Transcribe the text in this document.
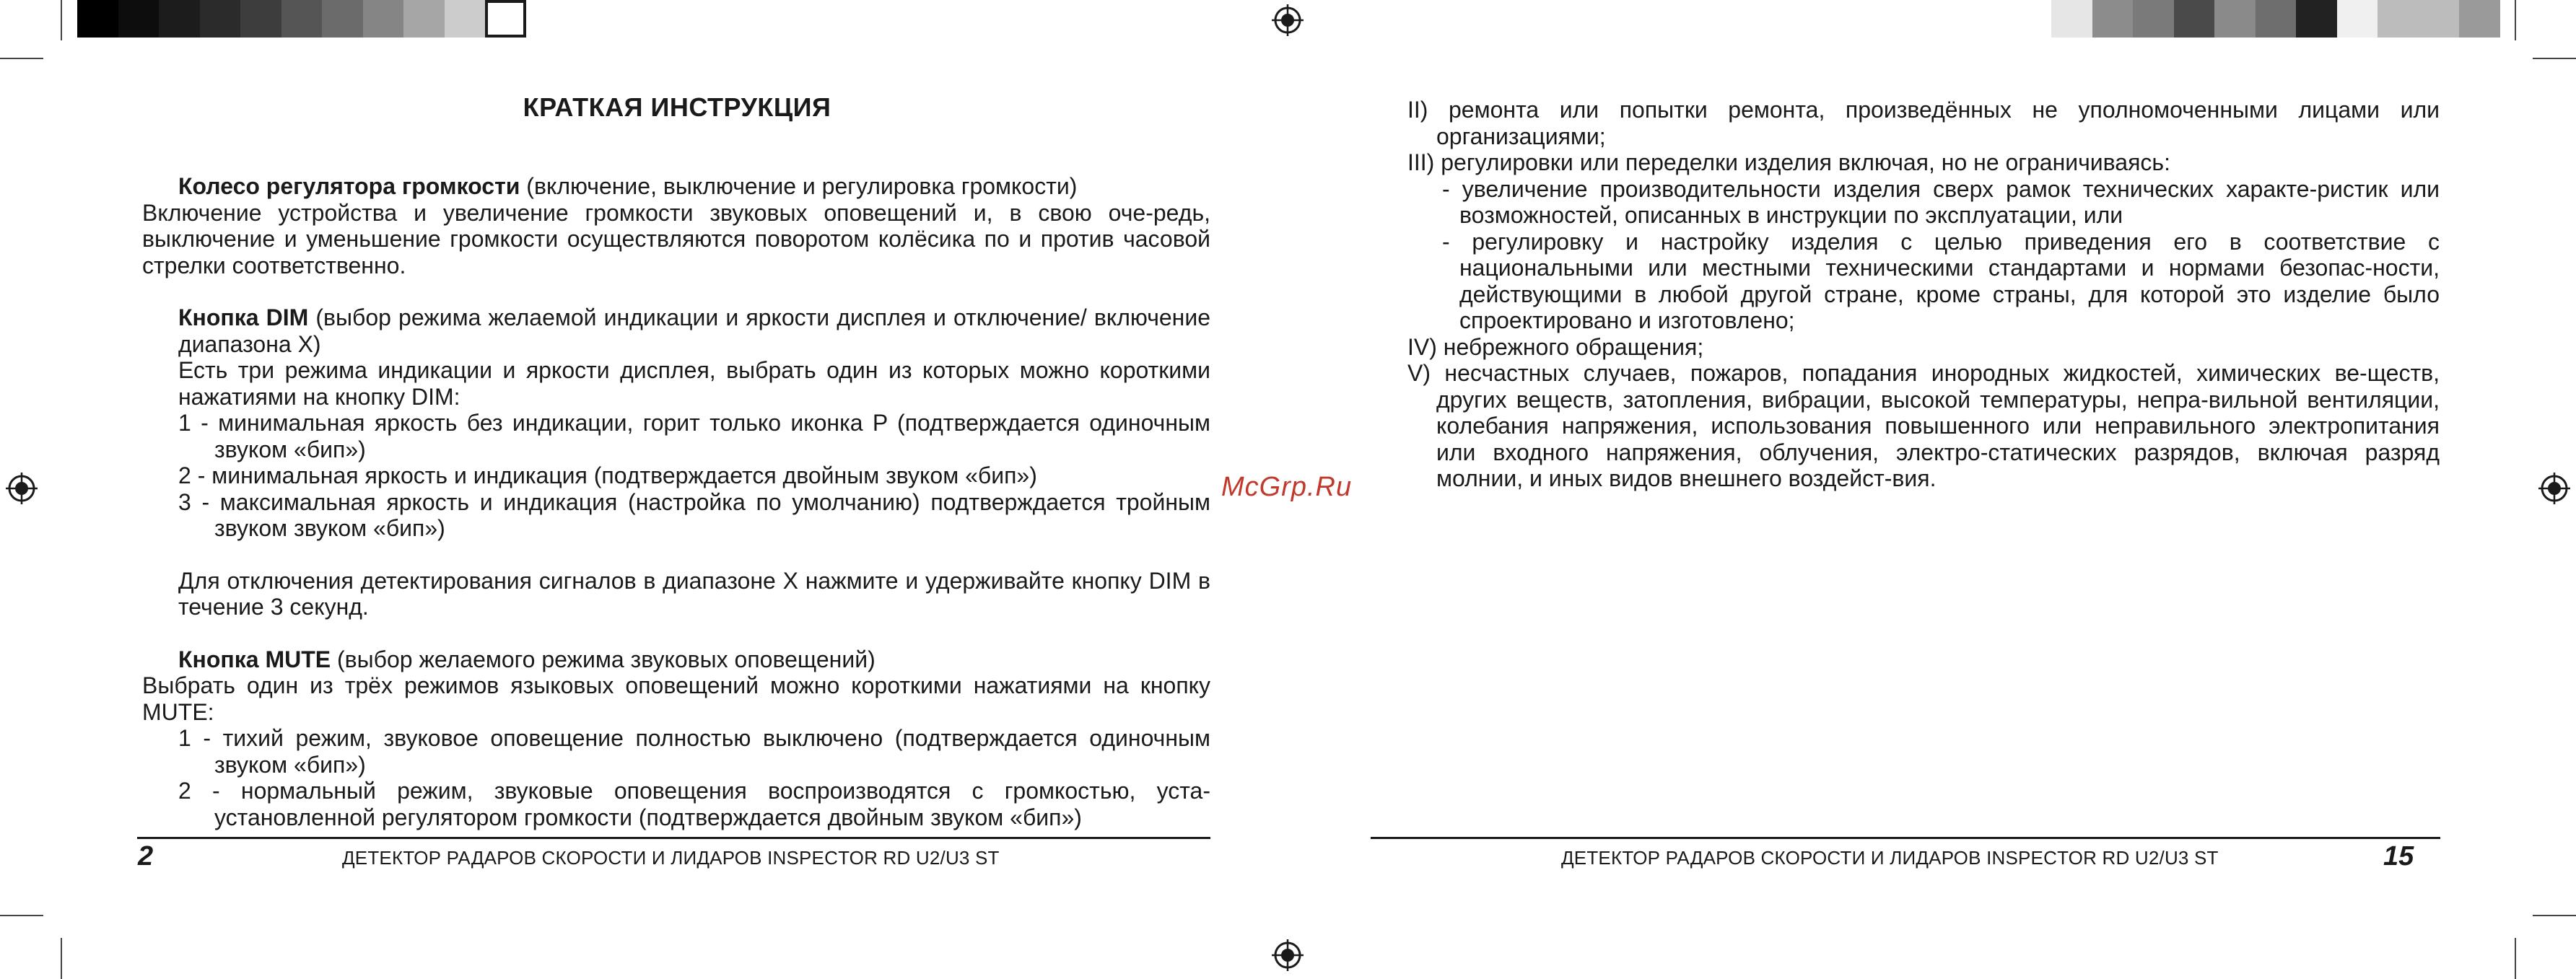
КРАТКАЯ ИНСТРУКЦИЯ

Колесо регулятора громкости (включение, выключение и регулировка громкости)

Включение устройства и увеличение громкости звуковых оповещений и, в свою оче-редь, выключение и уменьшение громкости осуществляются поворотом колёсика по и против часовой стрелки соответственно.

Кнопка DIM (выбор режима желаемой индикации и яркости дисплея и отключение/ включение диапазона X)

Есть три режима индикации и яркости дисплея, выбрать один из которых можно короткими нажатиями на кнопку DIM:

1 - минимальная яркость без индикации, горит только иконка P (подтверждается одиночным звуком «бип»)

2 - минимальная яркость и индикация (подтверждается двойным звуком «бип»)

3 - максимальная яркость и индикация (настройка по умолчанию) подтверждается тройным звуком звуком «бип»)

Для отключения детектирования сигналов в диапазоне X нажмите и удерживайте кнопку DIM в течение 3 секунд.

Кнопка MUTE (выбор желаемого режима звуковых оповещений)

Выбрать один из трёх режимов языковых оповещений можно короткими нажатиями на кнопку MUTE:

1 - тихий режим, звуковое оповещение полностью выключено (подтверждается одиночным звуком «бип»)

2 - нормальный режим, звуковые оповещения воспроизводятся с громкостью, уста-установленной регулятором громкости (подтверждается двойным звуком «бип»)

2	ДЕТЕКТОР РАДАРОВ СКОРОСТИ И ЛИДАРОВ INSPECTOR RD U2/U3 ST
McGrp.Ru

II) ремонта или попытки ремонта, произведённых не уполномоченными лицами или организациями;

III) регулировки или переделки изделия включая, но не ограничиваясь:

- увеличение производительности изделия сверх рамок технических характе-ристик или возможностей, описанных в инструкции по эксплуатации, или

- регулировку и настройку изделия с целью приведения его в соответствие с национальными или местными техническими стандартами и нормами безопас-ности, действующими в любой другой стране, кроме страны, для которой это изделие было спроектировано и изготовлено;

IV) небрежного обращения;

V) несчастных случаев, пожаров, попадания инородных жидкостей, химических ве-ществ, других веществ, затопления, вибрации, высокой температуры, непра-вильной вентиляции, колебания напряжения, использования повышенного или неправильного электропитания или входного напряжения, облучения, электро-статических разрядов, включая разряд молнии, и иных видов внешнего воздейст-вия.

ДЕТЕКТОР РАДАРОВ СКОРОСТИ И ЛИДАРОВ INSPECTOR RD U2/U3 ST	15
